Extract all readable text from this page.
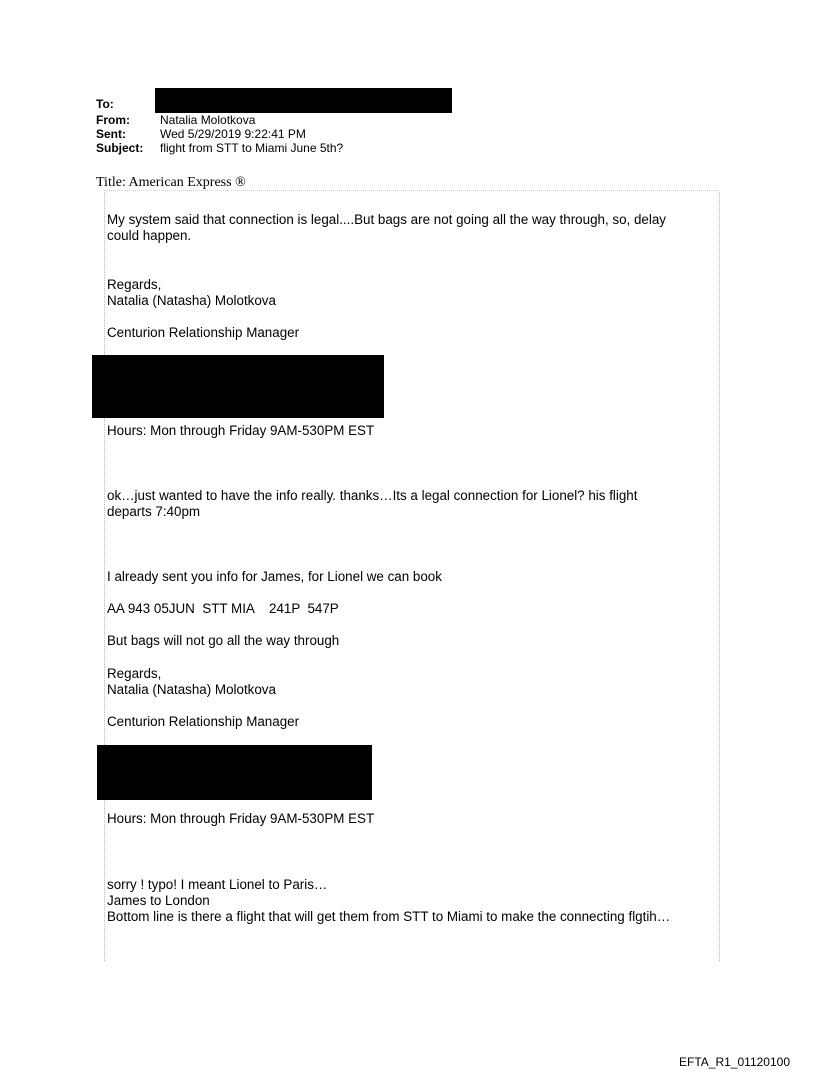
To:
From:	Natalia Molotkova
Sent:	Wed 5/29/2019 9:22:41 PM
Subject: flight from STT to Miami June 5th?
Title: American Express ®
My system said that connection is legal....But bags are not going all the way through, so, delay
could happen.
Regards,
Natalia (Natasha) Molotkova
Centurion Relationship Manager
Hours: Mon through Friday 9AM-530PM EST
ok…just wanted to have the info really. thanks…Its a legal connection for Lionel? his flight
departs 7:40pm
I already sent you info for James, for Lionel we can book
AA 943 05JUN  STT MIA    241P  547P
But bags will not go all the way through
Regards,
Natalia (Natasha) Molotkova
Centurion Relationship Manager
Hours: Mon through Friday 9AM-530PM EST
sorry ! typo! I meant Lionel to Paris…
James to London
Bottom line is there a flight that will get them from STT to Miami to make the connecting flgtih…
EFTA_R1_01120100
